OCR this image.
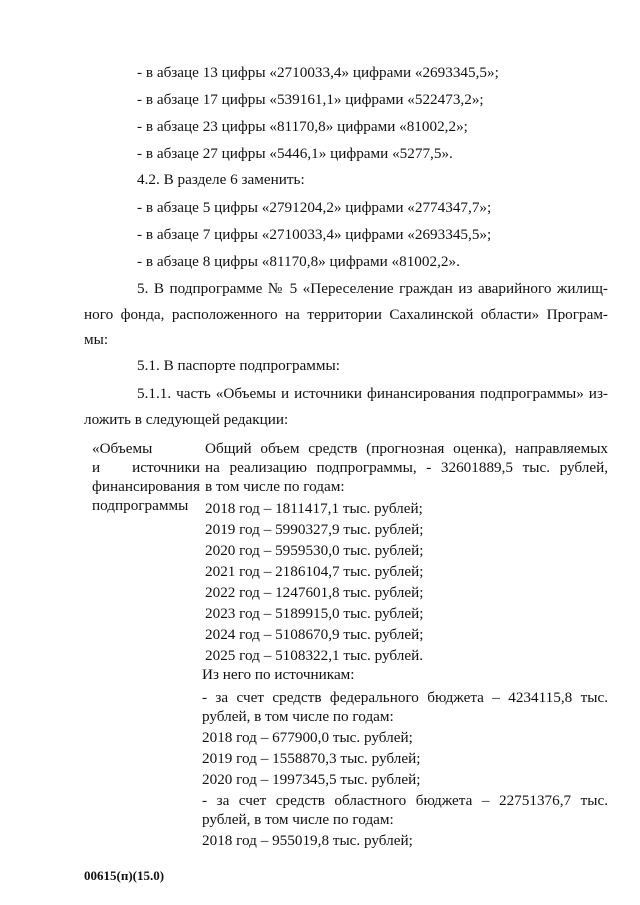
- в абзаце 13 цифры «2710033,4» цифрами «2693345,5»;
- в абзаце 17 цифры «539161,1» цифрами «522473,2»;
- в абзаце 23 цифры «81170,8» цифрами «81002,2»;
- в абзаце 27 цифры «5446,1» цифрами «5277,5».
4.2. В разделе 6 заменить:
- в абзаце 5 цифры «2791204,2» цифрами «2774347,7»;
- в абзаце 7 цифры «2710033,4» цифрами «2693345,5»;
- в абзаце 8 цифры «81170,8» цифрами «81002,2».
5. В подпрограмме № 5 «Переселение граждан из аварийного жилищ-
ного фонда, расположенного на территории Сахалинской области» Програм-
мы:
5.1. В паспорте подпрограммы:
5.1.1. часть «Объемы и источники финансирования подпрограммы» из-
ложить в следующей редакции:
«Объемы
и источники
финансирования
подпрограммы
Общий объем средств (прогнозная оценка), направляемых
на реализацию подпрограммы, - 32601889,5 тыс. рублей,
в том числе по годам:
2018 год – 1811417,1 тыс. рублей;
2019 год – 5990327,9 тыс. рублей;
2020 год – 5959530,0 тыс. рублей;
2021 год – 2186104,7 тыс. рублей;
2022 год – 1247601,8 тыс. рублей;
2023 год – 5189915,0 тыс. рублей;
2024 год – 5108670,9 тыс. рублей;
2025 год – 5108322,1 тыс. рублей.
Из него по источникам:
- за счет средств федерального бюджета – 4234115,8 тыс.
рублей, в том числе по годам:
2018 год – 677900,0 тыс. рублей;
2019 год – 1558870,3 тыс. рублей;
2020 год – 1997345,5 тыс. рублей;
- за счет средств областного бюджета – 22751376,7 тыс.
рублей, в том числе по годам:
2018 год – 955019,8 тыс. рублей;
00615(п)(15.0)
